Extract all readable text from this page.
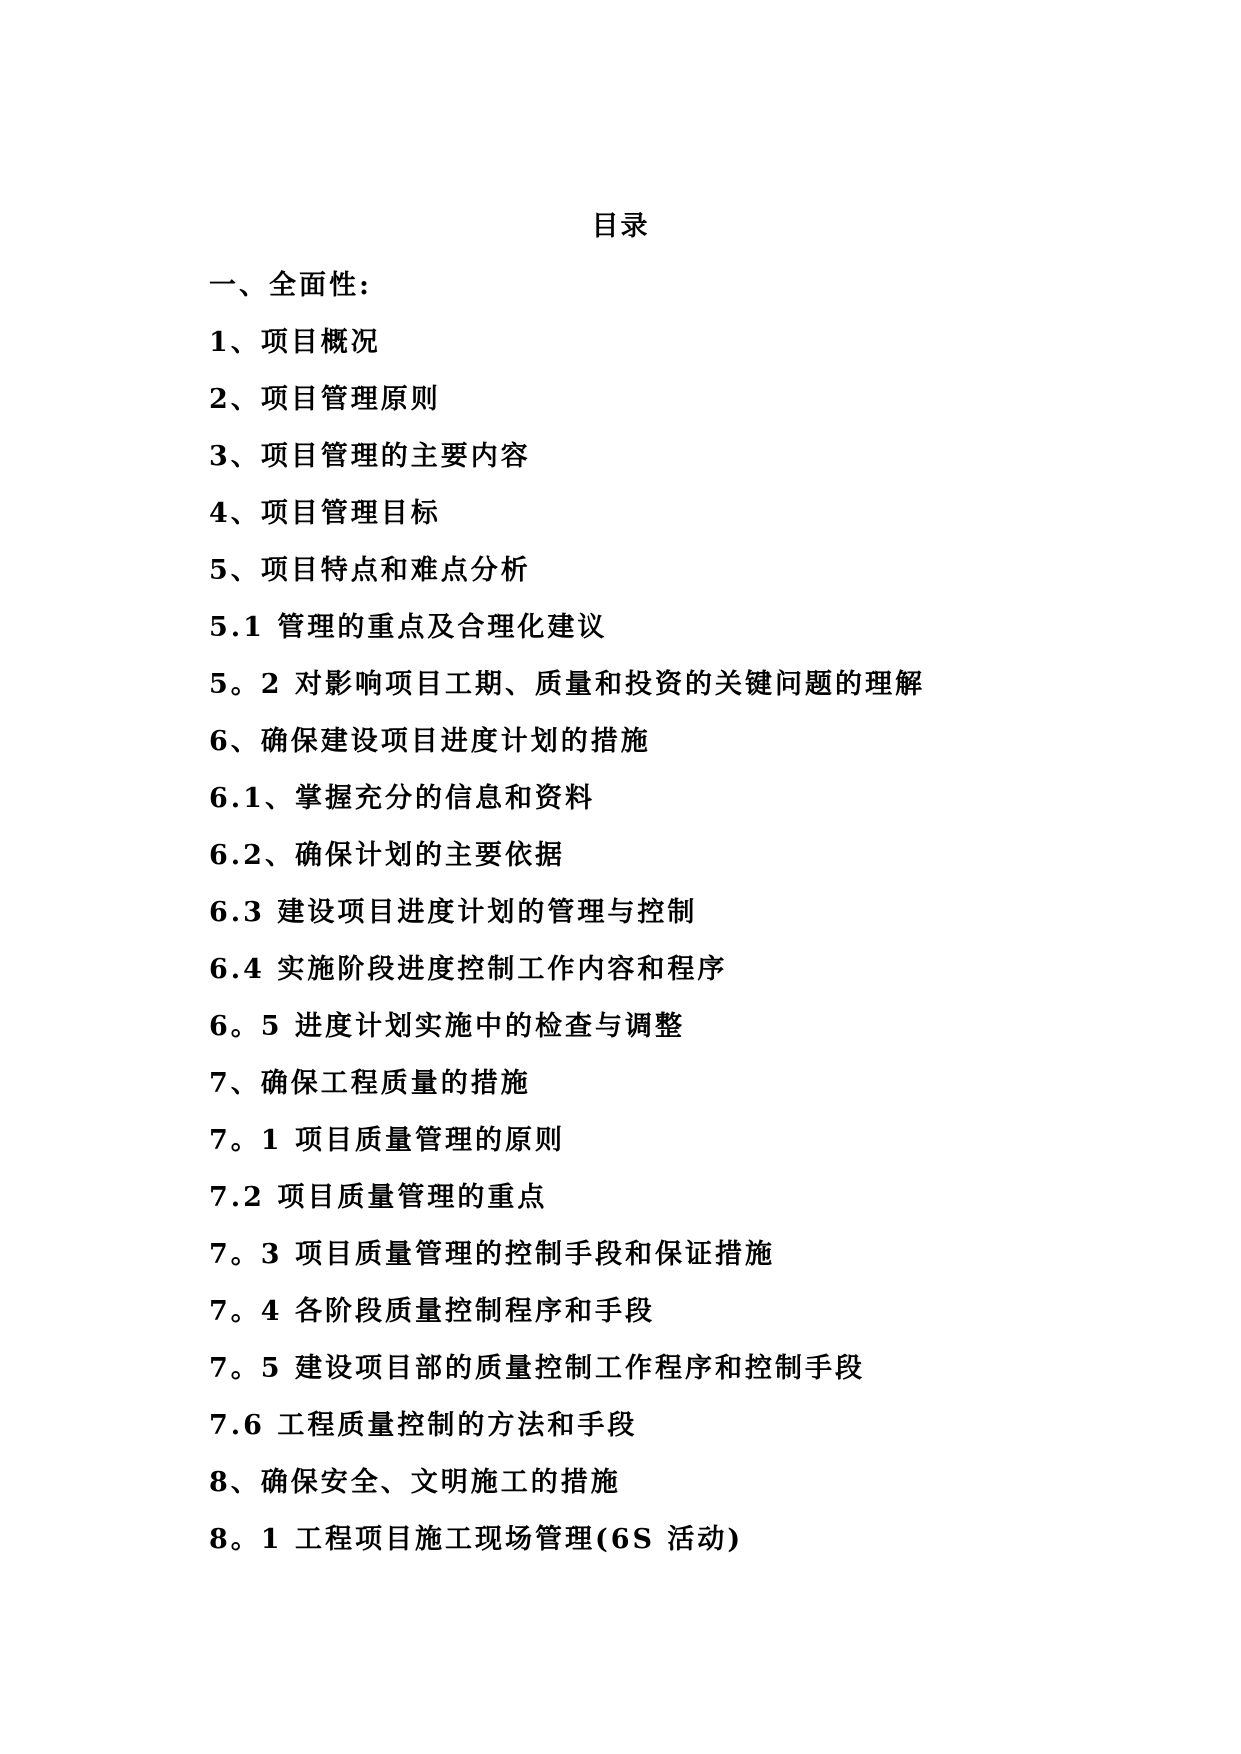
目录
一、全面性:
1、项目概况
2、项目管理原则
3、项目管理的主要内容
4、项目管理目标
5、项目特点和难点分析
5.1 管理的重点及合理化建议
5。2 对影响项目工期、质量和投资的关键问题的理解
6、确保建设项目进度计划的措施
6.1、掌握充分的信息和资料
6.2、确保计划的主要依据
6.3 建设项目进度计划的管理与控制
6.4 实施阶段进度控制工作内容和程序
6。5 进度计划实施中的检查与调整
7、确保工程质量的措施
7。1 项目质量管理的原则
7.2 项目质量管理的重点
7。3 项目质量管理的控制手段和保证措施
7。4 各阶段质量控制程序和手段
7。5 建设项目部的质量控制工作程序和控制手段
7.6 工程质量控制的方法和手段
8、确保安全、文明施工的措施
8。1 工程项目施工现场管理(6S 活动)
